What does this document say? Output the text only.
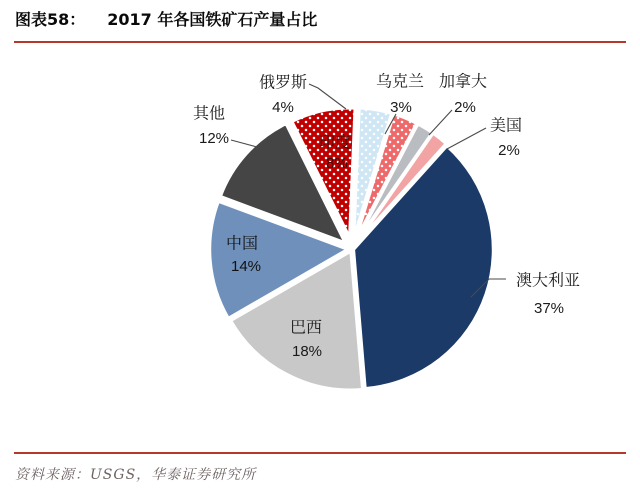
图表58： 2017 年各国铁矿石产量占比
澳大利亚
37%
巴西
18%
中国
14%
其他
12%	印度
8%
俄罗斯
4%
乌克兰
3%
加拿大
2%
美国
2%
资料来源：USGS，华泰证券研究所
